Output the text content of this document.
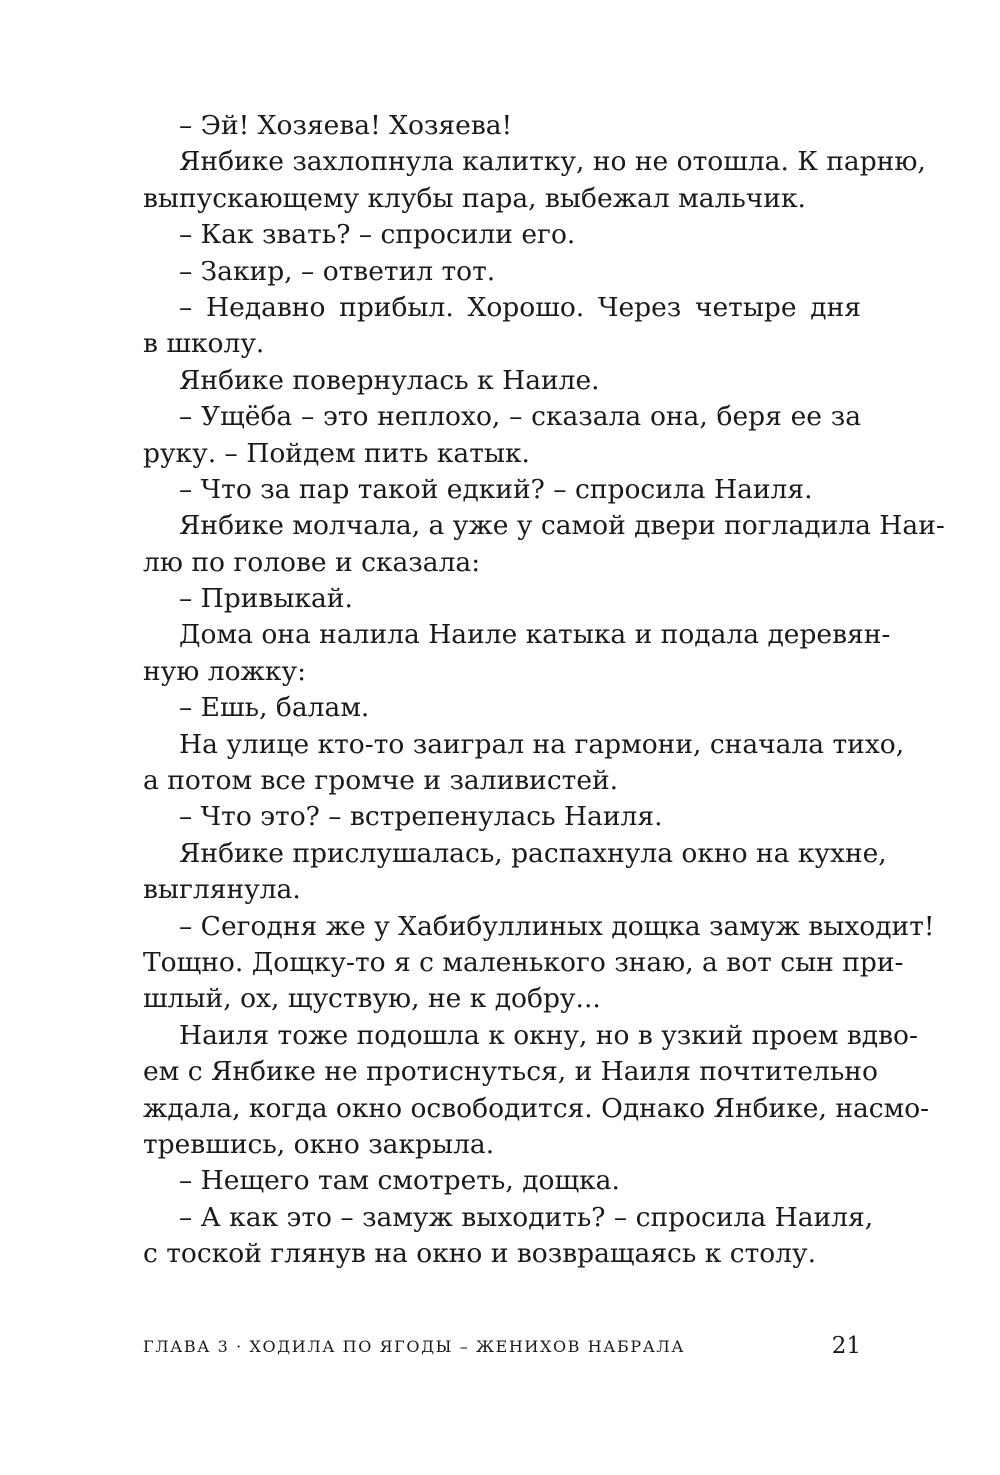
– Эй! Хозяева! Хозяева!
Янбике захлопнула калитку, но не отошла. К парню,
выпускающему клубы пара, выбежал мальчик.
– Как звать? – спросили его.
– Закир, – ответил тот.
– Недавно прибыл. Хорошо. Через четыре дня
в школу.
Янбике повернулась к Наиле.
– Ущёба – это неплохо, – сказала она, беря ее за
руку. – Пойдем пить катык.
– Что за пар такой едкий? – спросила Наиля.
Янбике молчала, а уже у самой двери погладила Наи-
лю по голове и сказала:
– Привыкай.
Дома она налила Наиле катыка и подала деревян-
ную ложку:
– Ешь, балам.
На улице кто-то заиграл на гармони, сначала тихо,
а потом все громче и заливистей.
– Что это? – встрепенулась Наиля.
Янбике прислушалась, распахнула окно на кухне,
выглянула.
– Сегодня же у Хабибуллиных дощка замуж выходит!
Тощно. Дощку-то я с маленького знаю, а вот сын при-
шлый, ох, щуствую, не к добру...
Наиля тоже подошла к окну, но в узкий проем вдво-
ем с Янбике не протиснуться, и Наиля почтительно
ждала, когда окно освободится. Однако Янбике, насмо-
тревшись, окно закрыла.
– Нещего там смотреть, дощка.
– А как это – замуж выходить? – спросила Наиля,
с тоской глянув на окно и возвращаясь к столу.
ГЛАВА 3 · ХОДИЛА ПО ЯГОДЫ – ЖЕНИХОВ НАБРАЛА	21
